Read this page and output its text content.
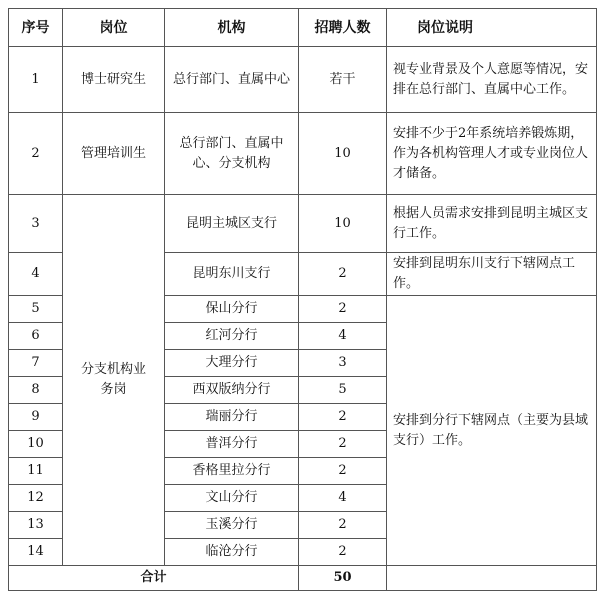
序号	岗位	机构	招聘人数	岗位说明
1	博士研究生	总行部门、直属中心	若干	视专业背景及个人意愿等情况，安排在总行部门、直属中心工作。
2	管理培训生	总行部门、直属中心、分支机构	10	安排不少于2年系统培养锻炼期，作为各机构管理人才或专业岗位人才储备。
3	分支机构业务岗	昆明主城区支行	10	根据人员需求安排到昆明主城区支行工作。
4		昆明东川支行	2	安排到昆明东川支行下辖网点工作。
5		保山分行	2	安排到分行下辖网点（主要为县域支行）工作。
6		红河分行	4	
7		大理分行	3	
8		西双版纳分行	5	
9		瑞丽分行	2	
10		普洱分行	2	
11		香格里拉分行	2	
12		文山分行	4	
13		玉溪分行	2	
14		临沧分行	2	
合计			50	
